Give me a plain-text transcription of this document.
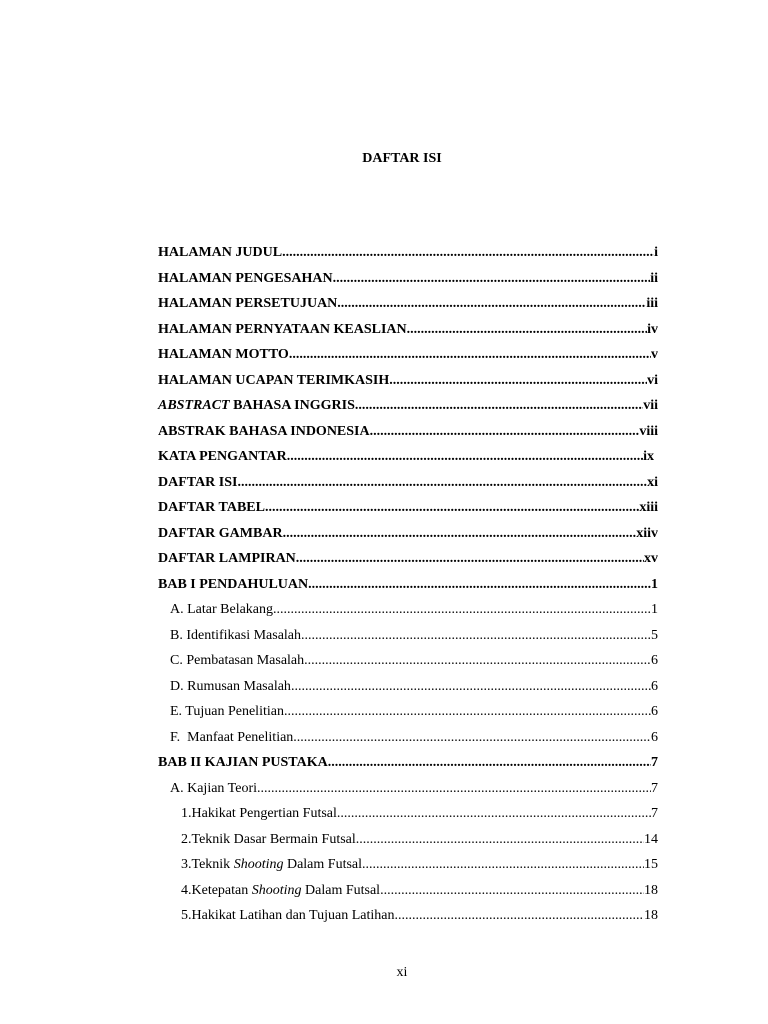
DAFTAR ISI
HALAMAN JUDUL .....	i
HALAMAN PENGESAHAN .....	ii
HALAMAN PERSETUJUAN .....	iii
HALAMAN PERNYATAAN KEASLIAN .....	iv
HALAMAN MOTTO .....	v
HALAMAN UCAPAN TERIMKASIH .....	vi
ABSTRACT BAHASA INGGRIS .....	vii
ABSTRAK BAHASA INDONESIA .....	viii
KATA PENGANTAR .....	ix
DAFTAR ISI .....	xi
DAFTAR TABEL .....	xiii
DAFTAR GAMBAR .....	xiiv
DAFTAR LAMPIRAN .....	xv
BAB I PENDAHULUAN .....	1
A. Latar Belakang .....	1
B. Identifikasi Masalah .....	5
C. Pembatasan Masalah .....	6
D. Rumusan Masalah .....	6
E. Tujuan Penelitian .....	6
F.  Manfaat Penelitian .....	6
BAB II KAJIAN PUSTAKA .....	7
A. Kajian Teori .....	7
1.Hakikat Pengertian Futsal .....	7
2.Teknik Dasar Bermain Futsal .....	14
3.Teknik Shooting Dalam Futsal .....	15
4.Ketepatan Shooting Dalam Futsal .....	18
5.Hakikat Latihan dan Tujuan Latihan .....	18
xi
